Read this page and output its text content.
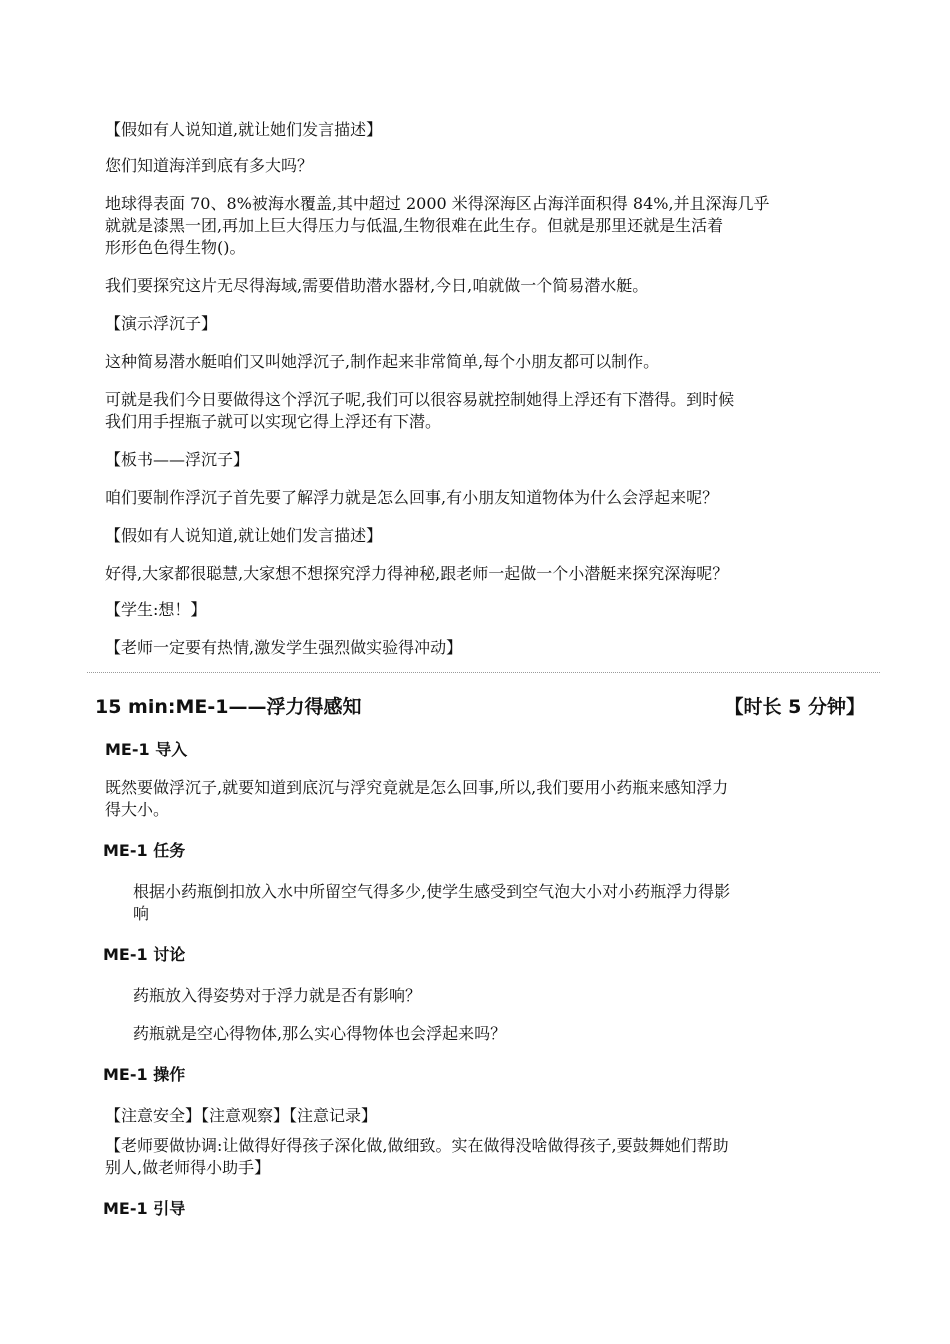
【假如有人说知道,就让她们发言描述】
您们知道海洋到底有多大吗？
地球得表面 70、8%被海水覆盖,其中超过 2000 米得深海区占海洋面积得 84%,并且深海几乎
就就是漆黑一团,再加上巨大得压力与低温,生物很难在此生存。但就是那里还就是生活着
形形色色得生物()。
我们要探究这片无尽得海域,需要借助潜水器材,今日,咱就做一个简易潜水艇。
【演示浮沉子】
这种简易潜水艇咱们又叫她浮沉子,制作起来非常简单,每个小朋友都可以制作。
可就是我们今日要做得这个浮沉子呢,我们可以很容易就控制她得上浮还有下潜得。到时候
我们用手捏瓶子就可以实现它得上浮还有下潜。
【板书——浮沉子】
咱们要制作浮沉子首先要了解浮力就是怎么回事,有小朋友知道物体为什么会浮起来呢？
【假如有人说知道,就让她们发言描述】
好得,大家都很聪慧,大家想不想探究浮力得神秘,跟老师一起做一个小潜艇来探究深海呢？
【学生:想！】
【老师一定要有热情,激发学生强烈做实验得冲动】
15 min:ME-1——浮力得感知	【时长 5 分钟】
ME-1 导入
既然要做浮沉子,就要知道到底沉与浮究竟就是怎么回事,所以,我们要用小药瓶来感知浮力
得大小。
ME-1 任务
根据小药瓶倒扣放入水中所留空气得多少,使学生感受到空气泡大小对小药瓶浮力得影
响
ME-1 讨论
药瓶放入得姿势对于浮力就是否有影响？
药瓶就是空心得物体,那么实心得物体也会浮起来吗？
ME-1 操作
【注意安全】【注意观察】【注意记录】
【老师要做协调:让做得好得孩子深化做,做细致。实在做得没啥做得孩子,要鼓舞她们帮助
别人,做老师得小助手】
ME-1 引导
